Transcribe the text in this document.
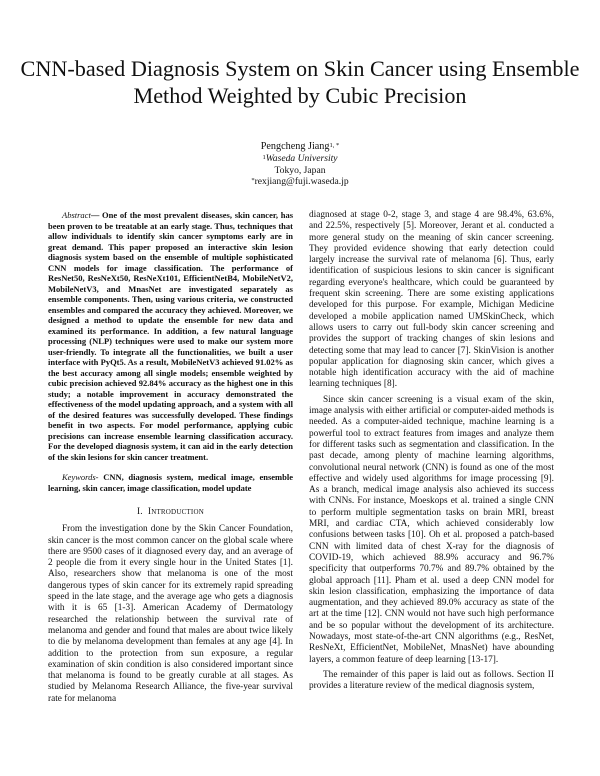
CNN-based Diagnosis System on Skin Cancer using Ensemble Method Weighted by Cubic Precision
Pengcheng Jiang$^{1, *}$
$^1$Waseda University
Tokyo, Japan
*rexjiang@fuji.waseda.jp

Abstract— One of the most prevalent diseases, skin cancer, has been proven to be treatable at an early stage. Thus, techniques that allow individuals to identify skin cancer symptoms early are in great demand. This paper proposed an interactive skin lesion diagnosis system based on the ensemble of multiple sophisticated CNN models for image classification. The performance of ResNet50, ResNeXt50, ResNeXt101, EfficientNetB4, MobileNetV2, MobileNetV3, and MnasNet are investigated separately as ensemble components. Then, using various criteria, we constructed ensembles and compared the accuracy they achieved. Moreover, we designed a method to update the ensemble for new data and examined its performance. In addition, a few natural language processing (NLP) techniques were used to make our system more user-friendly. To integrate all the functionalities, we built a user interface with PyQt5. As a result, MobileNetV3 achieved 91.02% as the best accuracy among all single models; ensemble weighted by cubic precision achieved 92.84% accuracy as the highest one in this study; a notable improvement in accuracy demonstrated the effectiveness of the model updating approach, and a system with all of the desired features was successfully developed. These findings benefit in two aspects. For model performance, applying cubic precisions can increase ensemble learning classification accuracy. For the developed diagnosis system, it can aid in the early detection of the skin lesions for skin cancer treatment.

Keywords- CNN, diagnosis system, medical image, ensemble learning, skin cancer, image classification, model update

I. Introduction

From the investigation done by the Skin Cancer Foundation, skin cancer is the most common cancer on the global scale where there are 9500 cases of it diagnosed every day, and an average of 2 people die from it every single hour in the United States [1]. Also, researchers show that melanoma is one of the most dangerous types of skin cancer for its extremely rapid spreading speed in the late stage, and the average age who gets a diagnosis with it is 65 [1-3]. American Academy of Dermatology researched the relationship between the survival rate of melanoma and gender and found that males are about twice likely to die by melanoma development than females at any age [4]. In addition to the protection from sun exposure, a regular examination of skin condition is also considered important since that melanoma is found to be greatly curable at all stages. As studied by Melanoma Research Alliance, the five-year survival rate for melanoma

diagnosed at stage 0-2, stage 3, and stage 4 are 98.4%, 63.6%, and 22.5%, respectively [5]. Moreover, Jerant et al. conducted a more general study on the meaning of skin cancer screening. They provided evidence showing that early detection could largely increase the survival rate of melanoma [6]. Thus, early identification of suspicious lesions to skin cancer is significant regarding everyone's healthcare, which could be guaranteed by frequent skin screening. There are some existing applications developed for this purpose. For example, Michigan Medicine developed a mobile application named UMSkinCheck, which allows users to carry out full-body skin cancer screening and provides the support of tracking changes of skin lesions and detecting some that may lead to cancer [7]. SkinVision is another popular application for diagnosing skin cancer, which gives a notable high identification accuracy with the aid of machine learning techniques [8].

Since skin cancer screening is a visual exam of the skin, image analysis with either artificial or computer-aided methods is needed. As a computer-aided technique, machine learning is a powerful tool to extract features from images and analyze them for different tasks such as segmentation and classification. In the past decade, among plenty of machine learning algorithms, convolutional neural network (CNN) is found as one of the most effective and widely used algorithms for image processing [9]. As a branch, medical image analysis also achieved its success with CNNs. For instance, Moeskops et al. trained a single CNN to perform multiple segmentation tasks on brain MRI, breast MRI, and cardiac CTA, which achieved considerably low confusions between tasks [10]. Oh et al. proposed a patch-based CNN with limited data of chest X-ray for the diagnosis of COVID-19, which achieved 88.9% accuracy and 96.7% specificity that outperforms 70.7% and 89.7% obtained by the global approach [11]. Pham et al. used a deep CNN model for skin lesion classification, emphasizing the importance of data augmentation, and they achieved 89.0% accuracy as state of the art at the time [12]. CNN would not have such high performance and be so popular without the development of its architecture. Nowadays, most state-of-the-art CNN algorithms (e.g., ResNet, ResNeXt, EfficientNet, MobileNet, MnasNet) have abounding layers, a common feature of deep learning [13-17].

The remainder of this paper is laid out as follows. Section II provides a literature review of the medical diagnosis system,
